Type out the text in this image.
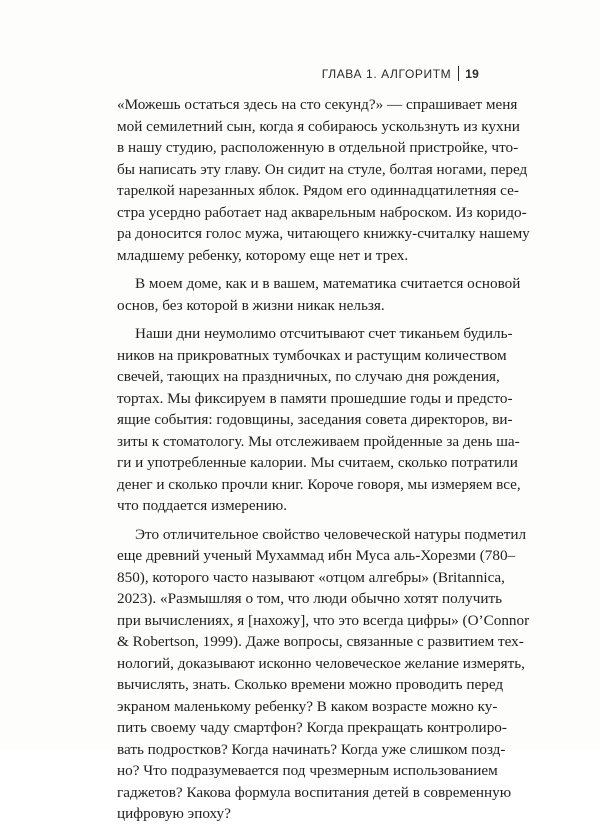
ГЛАВА 1. АЛГОРИТМ 19
«Можешь остаться здесь на сто секунд?» — спрашивает меня
мой семилетний сын, когда я собираюсь ускользнуть из кухни
в нашу студию, расположенную в отдельной пристройке, что-
бы написать эту главу. Он сидит на стуле, болтая ногами, перед
тарелкой нарезанных яблок. Рядом его одиннадцатилетняя се-
стра усердно работает над акварельным наброском. Из коридо-
ра доносится голос мужа, читающего книжку-считалку нашему
младшему ребенку, которому еще нет и трех.
В моем доме, как и в вашем, математика считается основой
основ, без которой в жизни никак нельзя.
Наши дни неумолимо отсчитывают счет тиканьем будиль-
ников на прикроватных тумбочках и растущим количеством
свечей, тающих на праздничных, по случаю дня рождения,
тортах. Мы фиксируем в памяти прошедшие годы и предсто-
ящие события: годовщины, заседания совета директоров, ви-
зиты к стоматологу. Мы отслеживаем пройденные за день ша-
ги и употребленные калории. Мы считаем, сколько потратили
денег и сколько прочли книг. Короче говоря, мы измеряем все,
что поддается измерению.
Это отличительное свойство человеческой натуры подметил
еще древний ученый Мухаммад ибн Муса аль-Хорезми (780–
850), которого часто называют «отцом алгебры» (Britannica,
2023). «Размышляя о том, что люди обычно хотят получить
при вычислениях, я [нахожу], что это всегда цифры» (O’Connor
& Robertson, 1999). Даже вопросы, связанные с развитием тех-
нологий, доказывают исконно человеческое желание измерять,
вычислять, знать. Сколько времени можно проводить перед
экраном маленькому ребенку? В каком возрасте можно ку-
пить своему чаду смартфон? Когда прекращать контролиро-
вать подростков? Когда начинать? Когда уже слишком позд-
но? Что подразумевается под чрезмерным использованием
гаджетов? Какова формула воспитания детей в современную
цифровую эпоху?
